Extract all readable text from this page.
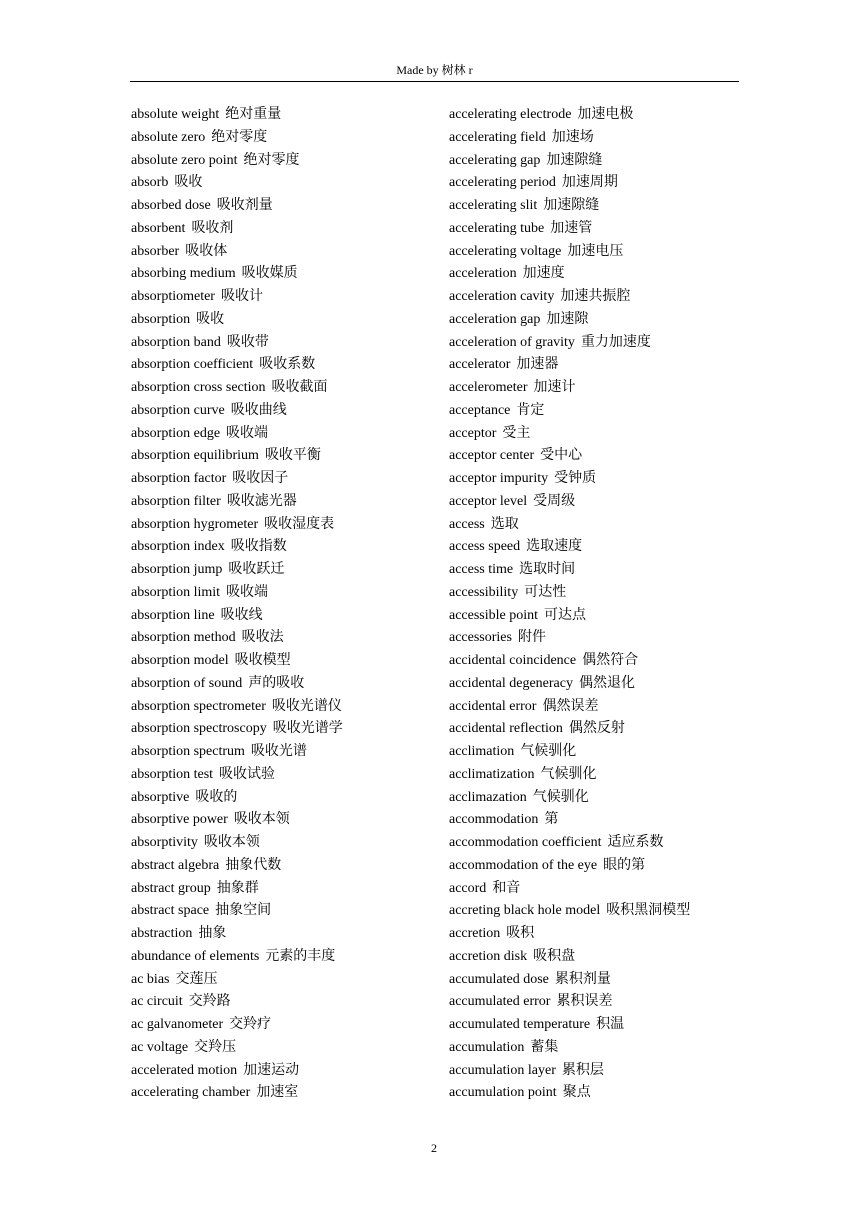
Made by 树林 r
absolute weight 绝对重量
absolute zero 绝对零度
absolute zero point 绝对零度
absorb 吸收
absorbed dose 吸收剂量
absorbent 吸收剂
absorber 吸收体
absorbing medium 吸收媒质
absorptiometer 吸收计
absorption 吸收
absorption band 吸收带
absorption coefficient 吸收系数
absorption cross section 吸收截面
absorption curve 吸收曲线
absorption edge 吸收端
absorption equilibrium 吸收平衡
absorption factor 吸收因子
absorption filter 吸收滤光器
absorption hygrometer 吸收湿度表
absorption index 吸收指数
absorption jump 吸收跃迁
absorption limit 吸收端
absorption line 吸收线
absorption method 吸收法
absorption model 吸收模型
absorption of sound 声的吸收
absorption spectrometer 吸收光谱仪
absorption spectroscopy 吸收光谱学
absorption spectrum 吸收光谱
absorption test 吸收试验
absorptive 吸收的
absorptive power 吸收本领
absorptivity 吸收本领
abstract algebra 抽象代数
abstract group 抽象群
abstract space 抽象空间
abstraction 抽象
abundance of elements 元素的丰度
ac bias 交莲压
ac circuit 交羚路
ac galvanometer 交羚疗
ac voltage 交羚压
accelerated motion 加速运动
accelerating chamber 加速室
accelerating electrode 加速电极
accelerating field 加速场
accelerating gap 加速隙缝
accelerating period 加速周期
accelerating slit 加速隙缝
accelerating tube 加速管
accelerating voltage 加速电压
acceleration 加速度
acceleration cavity 加速共振腔
acceleration gap 加速隙
acceleration of gravity 重力加速度
accelerator 加速器
accelerometer 加速计
acceptance 肯定
acceptor 受主
acceptor center 受中心
acceptor impurity 受钟质
acceptor level 受周级
access 选取
access speed 选取速度
access time 选取时间
accessibility 可达性
accessible point 可达点
accessories 附件
accidental coincidence 偶然符合
accidental degeneracy 偶然退化
accidental error 偶然误差
accidental reflection 偶然反射
acclimation 气候驯化
acclimatization 气候驯化
acclimazation 气候驯化
accommodation 第
accommodation coefficient 适应系数
accommodation of the eye 眼的第
accord 和音
accreting black hole model 吸积黑洞模型
accretion 吸积
accretion disk 吸积盘
accumulated dose 累积剂量
accumulated error 累积误差
accumulated temperature 积温
accumulation 蓄集
accumulation layer 累积层
accumulation point 聚点
2
